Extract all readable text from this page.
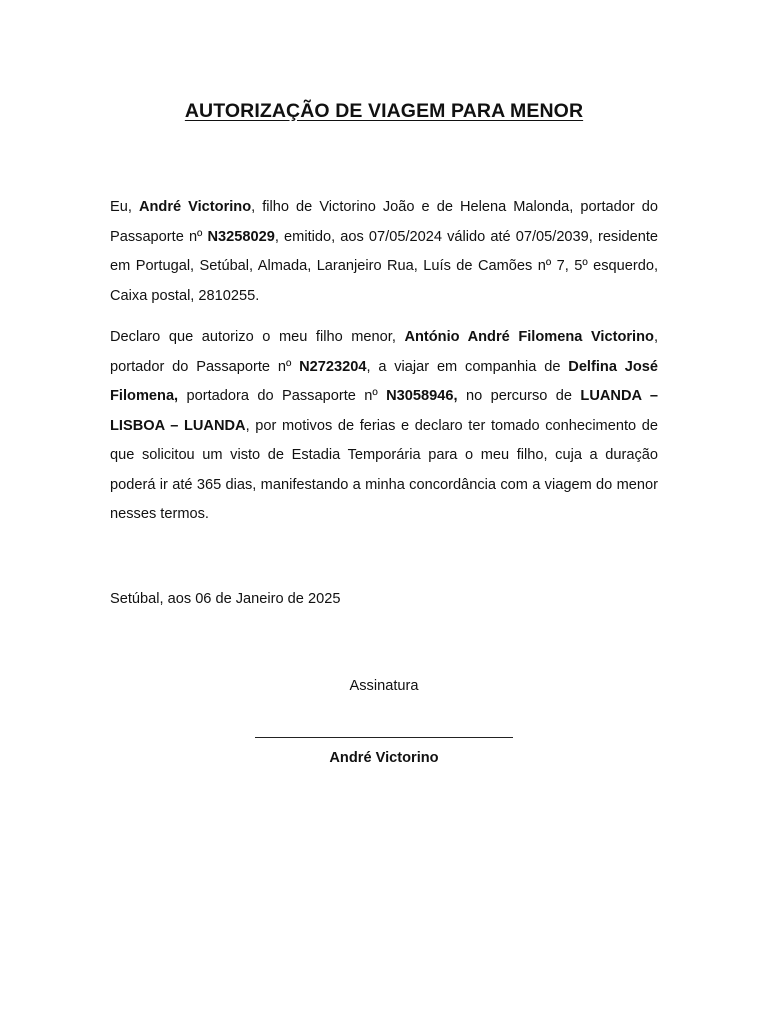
AUTORIZAÇÃO DE VIAGEM PARA MENOR

Eu, André Victorino, filho de Victorino João e de Helena Malonda, portador do Passaporte nº N3258029, emitido, aos 07/05/2024 válido até 07/05/2039, residente em Portugal, Setúbal, Almada, Laranjeiro Rua, Luís de Camões nº 7, 5º esquerdo, Caixa postal, 2810255.

Declaro que autorizo o meu filho menor, António André Filomena Victorino, portador do Passaporte nº N2723204, a viajar em companhia de Delfina José Filomena, portadora do Passaporte nº N3058946, no percurso de LUANDA – LISBOA – LUANDA, por motivos de ferias e declaro ter tomado conhecimento de que solicitou um visto de Estadia Temporária para o meu filho, cuja a duração poderá ir até 365 dias, manifestando a minha concordância com a viagem do menor nesses termos.

Setúbal, aos 06 de Janeiro de 2025
Assinatura
André Victorino
